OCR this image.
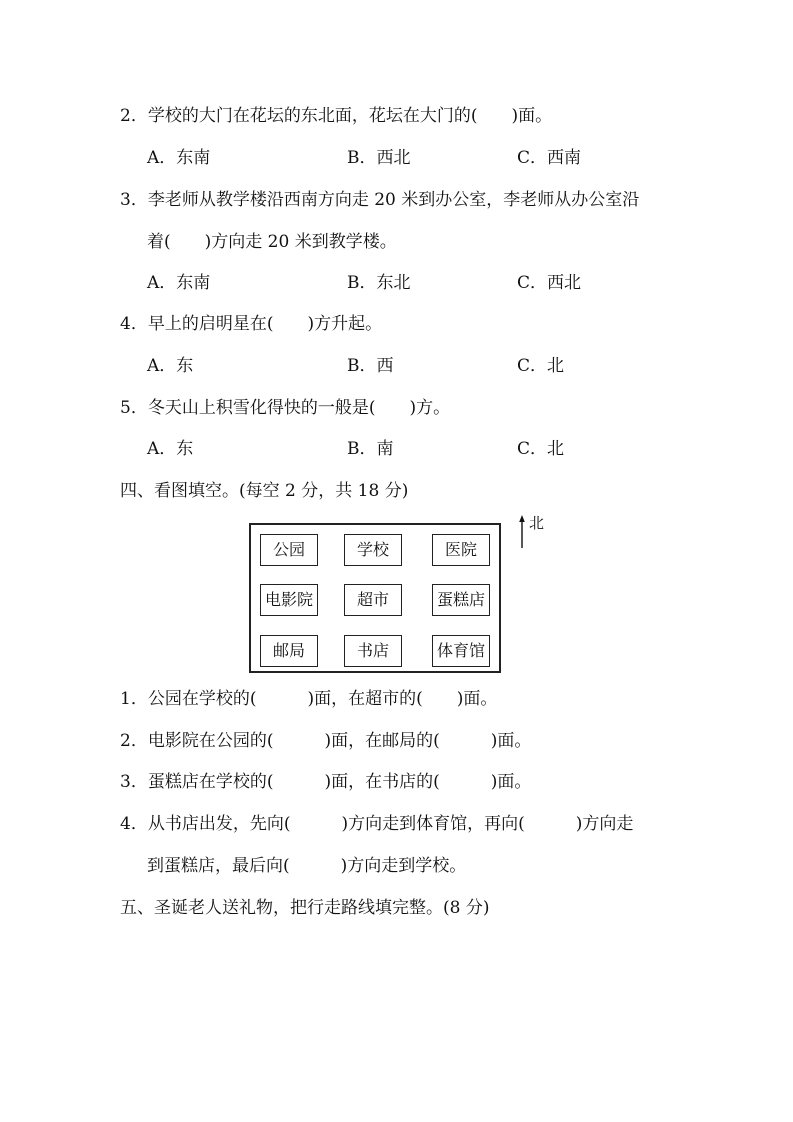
2．学校的大门在花坛的东北面，花坛在大门的(　　)面。
A．东南	B．西北	C．西南
3．李老师从教学楼沿西南方向走 20 米到办公室，李老师从办公室沿
着(　　)方向走 20 米到教学楼。
A．东南	B．东北	C．西北
4．早上的启明星在(　　)方升起。
A．东	B．西	C．北
5．冬天山上积雪化得快的一般是(　　)方。
A．东	B．南	C．北
四、看图填空。(每空 2 分，共 18 分)
公园	学校	医院
电影院	超市	蛋糕店
邮局	书店	体育馆
北
1．公园在学校的(　　　)面，在超市的(　　)面。
2．电影院在公园的(　　　)面，在邮局的(　　　)面。
3．蛋糕店在学校的(　　　)面，在书店的(　　　)面。
4．从书店出发，先向(　　　)方向走到体育馆，再向(　　　)方向走
到蛋糕店，最后向(　　　)方向走到学校。
五、圣诞老人送礼物，把行走路线填完整。(8 分)
